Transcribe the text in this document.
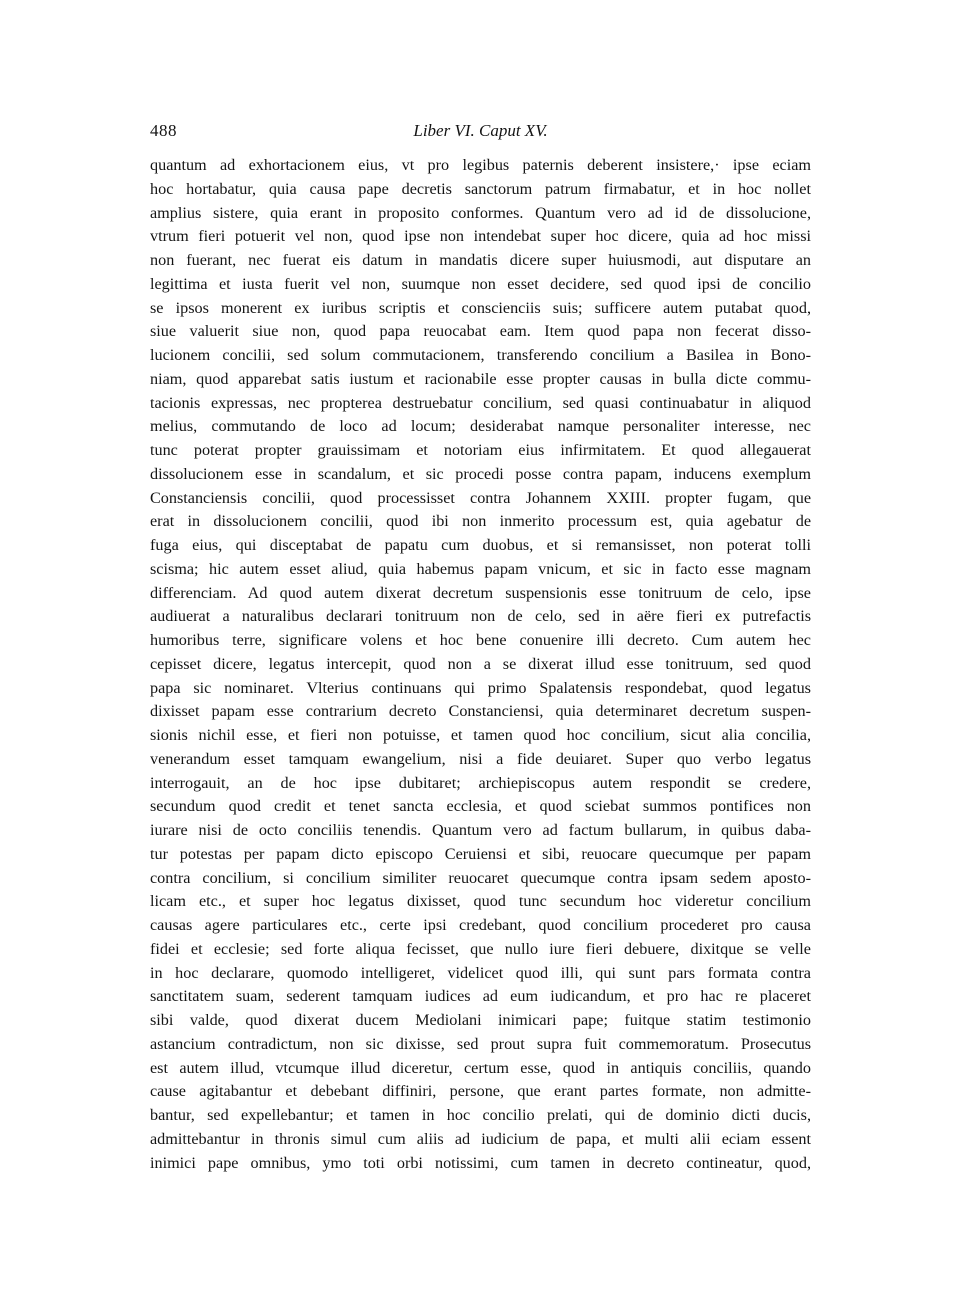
488	Liber VI. Caput XV.
quantum ad exhortacionem eius, vt pro legibus paternis deberent insistere,· ipse eciam
hoc hortabatur, quia causa pape decretis sanctorum patrum firmabatur, et in hoc nollet
amplius sistere, quia erant in proposito conformes. Quantum vero ad id de dissolucione,
vtrum fieri potuerit vel non, quod ipse non intendebat super hoc dicere, quia ad hoc missi
non fuerant, nec fuerat eis datum in mandatis dicere super huiusmodi, aut disputare an
legittima et iusta fuerit vel non, suumque non esset decidere, sed quod ipsi de concilio
se ipsos monerent ex iuribus scriptis et conscienciis suis; sufficere autem putabat quod,
siue valuerit siue non, quod papa reuocabat eam. Item quod papa non fecerat disso-
lucionem concilii, sed solum commutacionem, transferendo concilium a Basilea in Bono-
niam, quod apparebat satis iustum et racionabile esse propter causas in bulla dicte commu-
tacionis expressas, nec propterea destruebatur concilium, sed quasi continuabatur in aliquod
melius, commutando de loco ad locum; desiderabat namque personaliter interesse, nec
tunc poterat propter grauissimam et notoriam eius infirmitatem. Et quod allegauerat
dissolucionem esse in scandalum, et sic procedi posse contra papam, inducens exemplum
Constanciensis concilii, quod processisset contra Johannem XXIII. propter fugam, que
erat in dissolucionem concilii, quod ibi non inmerito processum est, quia agebatur de
fuga eius, qui disceptabat de papatu cum duobus, et si remansisset, non poterat tolli
scisma; hic autem esset aliud, quia habemus papam vnicum, et sic in facto esse magnam
differenciam. Ad quod autem dixerat decretum suspensionis esse tonitruum de celo, ipse
audiuerat a naturalibus declarari tonitruum non de celo, sed in aëre fieri ex putrefactis
humoribus terre, significare volens et hoc bene conuenire illi decreto. Cum autem hec
cepisset dicere, legatus intercepit, quod non a se dixerat illud esse tonitruum, sed quod
papa sic nominaret. Vlterius continuans qui primo Spalatensis respondebat, quod legatus
dixisset papam esse contrarium decreto Constanciensi, quia determinaret decretum suspen-
sionis nichil esse, et fieri non potuisse, et tamen quod hoc concilium, sicut alia concilia,
venerandum esset tamquam ewangelium, nisi a fide deuiaret. Super quo verbo legatus
interrogauit, an de hoc ipse dubitaret; archiepiscopus autem respondit se credere,
secundum quod credit et tenet sancta ecclesia, et quod sciebat summos pontifices non
iurare nisi de octo conciliis tenendis. Quantum vero ad factum bullarum, in quibus daba-
tur potestas per papam dicto episcopo Ceruiensi et sibi, reuocare quecumque per papam
contra concilium, si concilium similiter reuocaret quecumque contra ipsam sedem aposto-
licam etc., et super hoc legatus dixisset, quod tunc secundum hoc videretur concilium
causas agere particulares etc., certe ipsi credebant, quod concilium procederet pro causa
fidei et ecclesie; sed forte aliqua fecisset, que nullo iure fieri debuere, dixitque se velle
in hoc declarare, quomodo intelligeret, videlicet quod illi, qui sunt pars formata contra
sanctitatem suam, sederent tamquam iudices ad eum iudicandum, et pro hac re placeret
sibi valde, quod dixerat ducem Mediolani inimicari pape; fuitque statim testimonio
astancium contradictum, non sic dixisse, sed prout supra fuit commemoratum. Prosecutus
est autem illud, vtcumque illud diceretur, certum esse, quod in antiquis conciliis, quando
cause agitabantur et debebant diffiniri, persone, que erant partes formate, non admitte-
bantur, sed expellebantur; et tamen in hoc concilio prelati, qui de dominio dicti ducis,
admittebantur in thronis simul cum aliis ad iudicium de papa, et multi alii eciam essent
inimici pape omnibus, ymo toti orbi notissimi, cum tamen in decreto contineatur, quod,
